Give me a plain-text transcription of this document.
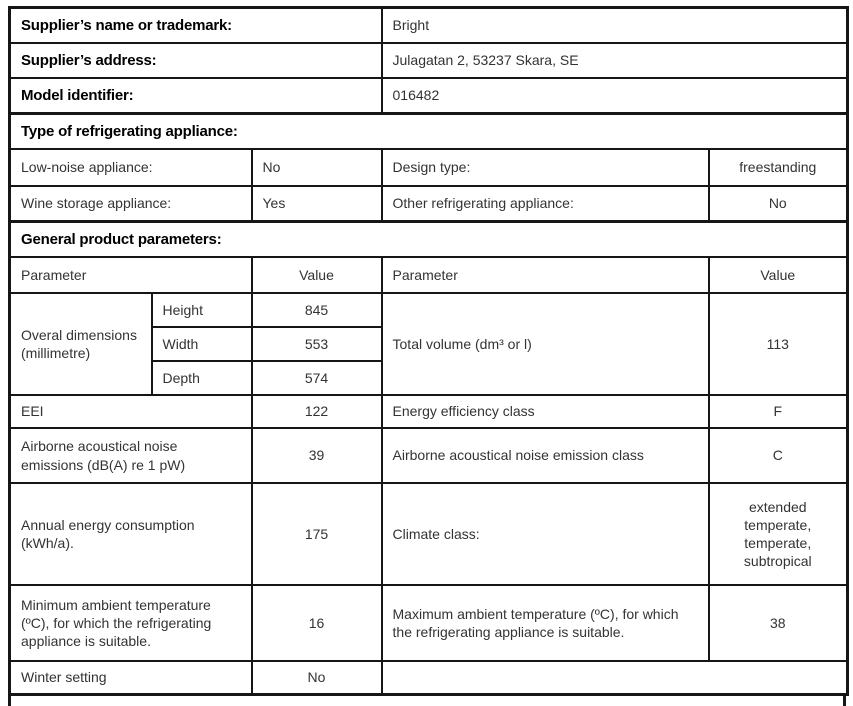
Supplier’s name or trademark:			Bright	
Supplier’s address:			Julagatan 2, 53237 Skara, SE	
Model identifier:			016482	
Type of refrigerating appliance:				
Low-noise appliance:		No	Design type:	freestanding
Wine storage appliance:		Yes	Other refrigerating appliance:	No
General product parameters:				
Parameter		Value	Parameter	Value
Overal dimensions (millimetre)	Height	845	Total volume (dm³ or l)	113
	Width	553		
	Depth	574		
EEI		122	Energy efficiency class	F
Airborne acoustical noise emissions (dB(A) re 1 pW)		39	Airborne acoustical noise emission class	C
Annual energy consumption (kWh/a).		175	Climate class:	extended temperate, temperate, subtropical
Minimum ambient temperature (ºC), for which the refrigerating appliance is suitable.		16	Maximum ambient temperature (ºC), for which the refrigerating appliance is suitable.	38
Winter setting		No		
